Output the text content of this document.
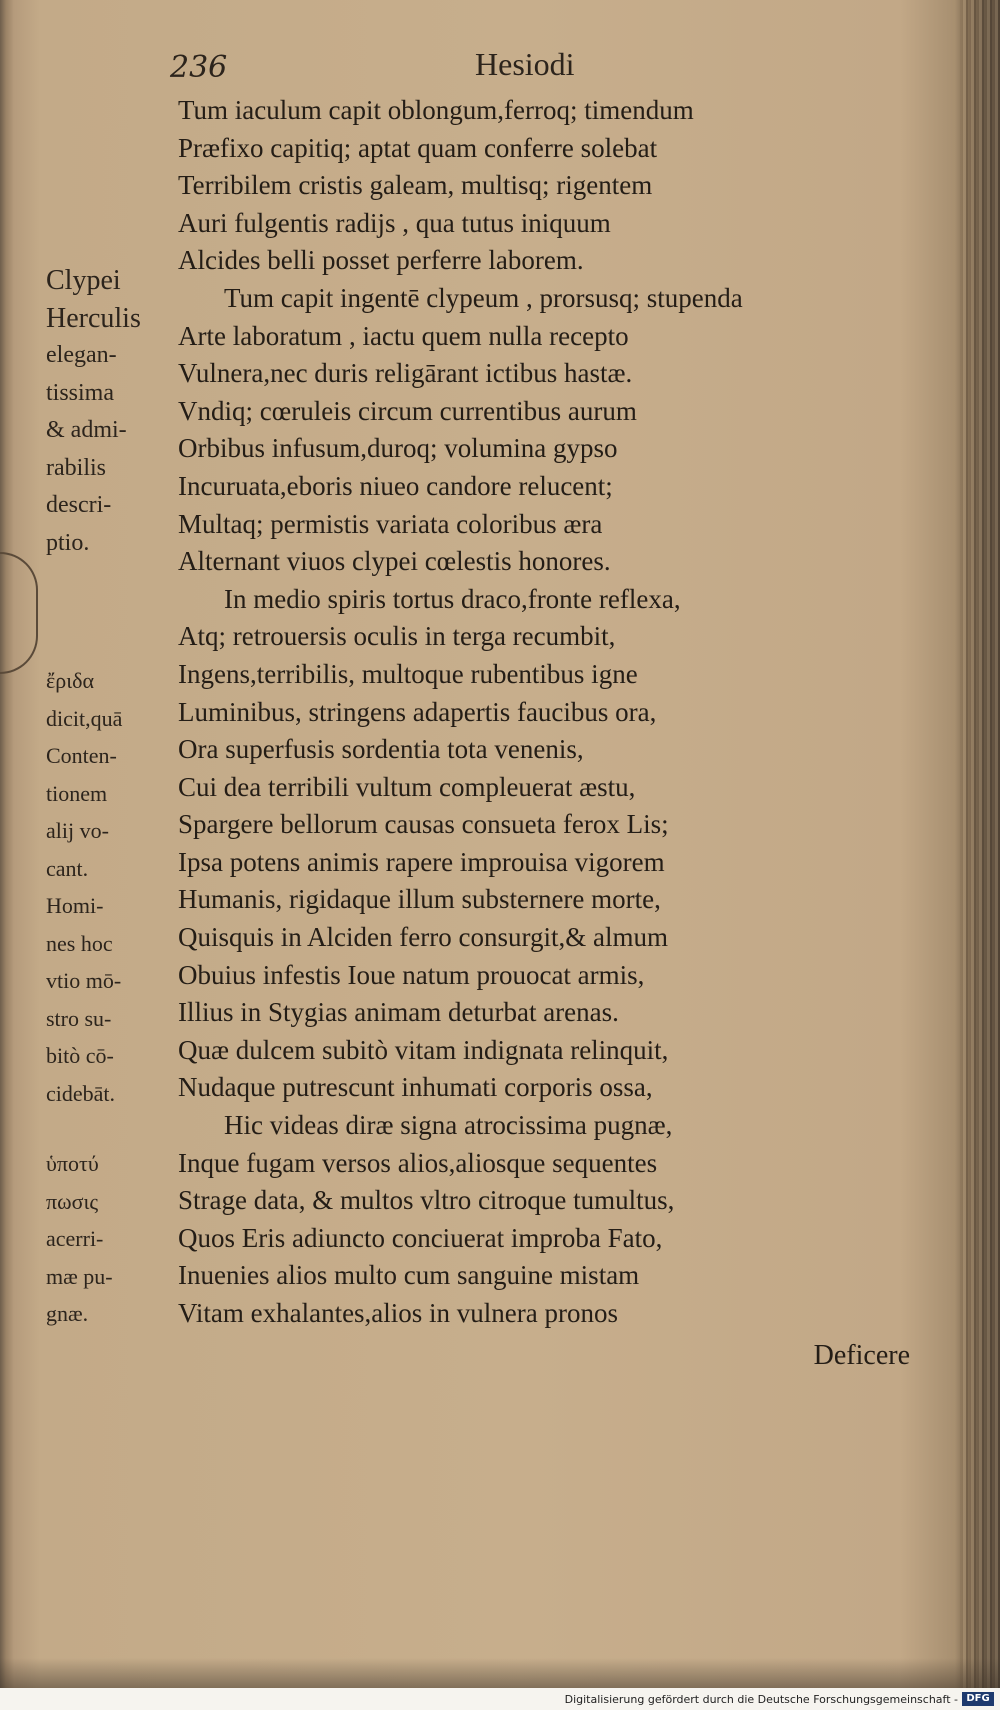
236	Hesiodi
Clypei
Herculis
elegan-
tissima
& admi-
rabilis
descri-
ptio.
ἔριδα
dicit,quā
Conten-
tionem
alij vo-
cant.
Homi-
nes hoc
vtio mō-
stro su-
bitò cō-
cidebāt.
ὑποτύ
πωσις
acerri-
mæ pu-
gnæ.
Tum iaculum capit oblongum,ferroq; timendum
Præfixo capitiq; aptat quam conferre solebat
Terribilem cristis galeam, multisq; rigentem
Auri fulgentis radijs , qua tutus iniquum
Alcides belli posset perferre laborem.
Tum capit ingentē clypeum , prorsusq; stupenda
Arte laboratum , iactu quem nulla recepto
Vulnera,nec duris religārant ictibus hastæ.
Vndiq; cœruleis circum currentibus aurum
Orbibus infusum,duroq; volumina gypso
Incuruata,eboris niueo candore relucent;
Multaq; permistis variata coloribus æra
Alternant viuos clypei cœlestis honores.
In medio spiris tortus draco,fronte reflexa,
Atq; retrouersis oculis in terga recumbit,
Ingens,terribilis, multoque rubentibus igne
Luminibus, stringens adapertis faucibus ora,
Ora superfusis sordentia tota venenis,
Cui dea terribili vultum compleuerat æstu,
Spargere bellorum causas consueta ferox Lis;
Ipsa potens animis rapere improuisa vigorem
Humanis, rigidaque illum substernere morte,
Quisquis in Alciden ferro consurgit,& almum
Obuius infestis Ioue natum prouocat armis,
Illius in Stygias animam deturbat arenas.
Quæ dulcem subitò vitam indignata relinquit,
Nudaque putrescunt inhumati corporis ossa,
Hic videas diræ signa atrocissima pugnæ,
Inque fugam versos alios,aliosque sequentes
Strage data, & multos vltro citroque tumultus,
Quos Eris adiuncto conciuerat improba Fato,
Inuenies alios multo cum sanguine mistam
Vitam exhalantes,alios in vulnera pronos
Deficere
Digitalisierung gefördert durch die Deutsche Forschungsgemeinschaft - DFG
